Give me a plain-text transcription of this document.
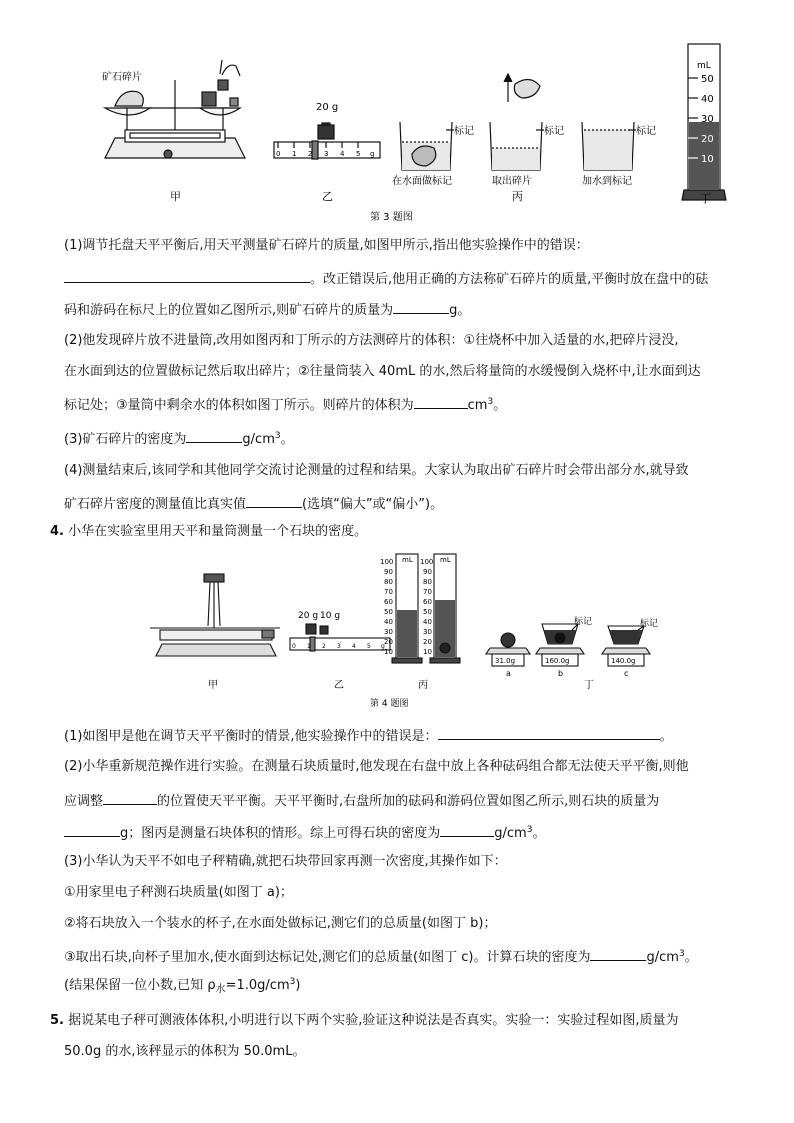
矿石碎片
甲
20 g
0 1 2 3 4 5 g
乙
标记
在水面做标记
标记
取出碎片
丙
标记
加水到标记
mL
50
40
30
20
10
丁
第 3 题图
(1)调节托盘天平平衡后,用天平测量矿石碎片的质量,如图甲所示,指出他实验操作中的错误：
。改正错误后,他用正确的方法称矿石碎片的质量,平衡时放在盘中的砝
码和游码在标尺上的位置如乙图所示,则矿石碎片的质量为	g。
(2)他发现碎片放不进量筒,改用如图丙和丁所示的方法测碎片的体积：①往烧杯中加入适量的水,把碎片浸没,
在水面到达的位置做标记然后取出碎片；②往量筒装入 40mL 的水,然后将量筒的水缓慢倒入烧杯中,让水面到达
标记处；③量筒中剩余水的体积如图丁所示。则碎片的体积为	$cm^3$。
(3)矿石碎片的密度为	$g/cm^3$。
(4)测量结束后,该同学和其他同学交流讨论测量的过程和结果。大家认为取出矿石碎片时会带出部分水,就导致
矿石碎片密度的测量值比真实值	(选填“偏大”或“偏小”)。
4. 小华在实验室里用天平和量筒测量一个石块的密度。
甲
20 g 10 g
0 1 2 3 4 5 g
乙
mL	mL
100
90
80
70
60
50
40
30
20
10
100
90
80
70
60
50
40
30
20
10
丙
31.0g
a
标记
160.0g
b
丁
标记
140.0g
c
第 4 题图
(1)如图甲是他在调节天平平衡时的情景,他实验操作中的错误是：	。
(2)小华重新规范操作进行实验。在测量石块质量时,他发现在右盘中放上各种砝码组合都无法使天平平衡,则他
应调整	的位置使天平平衡。天平平衡时,右盘所加的砝码和游码位置如图乙所示,则石块的质量为
g；图丙是测量石块体积的情形。综上可得石块的密度为	$g/cm^3$。
(3)小华认为天平不如电子秤精确,就把石块带回家再测一次密度,其操作如下：
①用家里电子秤测石块质量(如图丁 a)；
②将石块放入一个装水的杯子,在水面处做标记,测它们的总质量(如图丁 b)；
③取出石块,向杯子里加水,使水面到达标记处,测它们的总质量(如图丁 c)。计算石块的密度为	$g/cm^3$。
(结果保留一位小数,已知 $\rho_水=1.0g/cm^3$)
5. 据说某电子秤可测液体体积,小明进行以下两个实验,验证这种说法是否真实。实验一：实验过程如图,质量为
50.0g 的水,该秤显示的体积为 50.0mL。
